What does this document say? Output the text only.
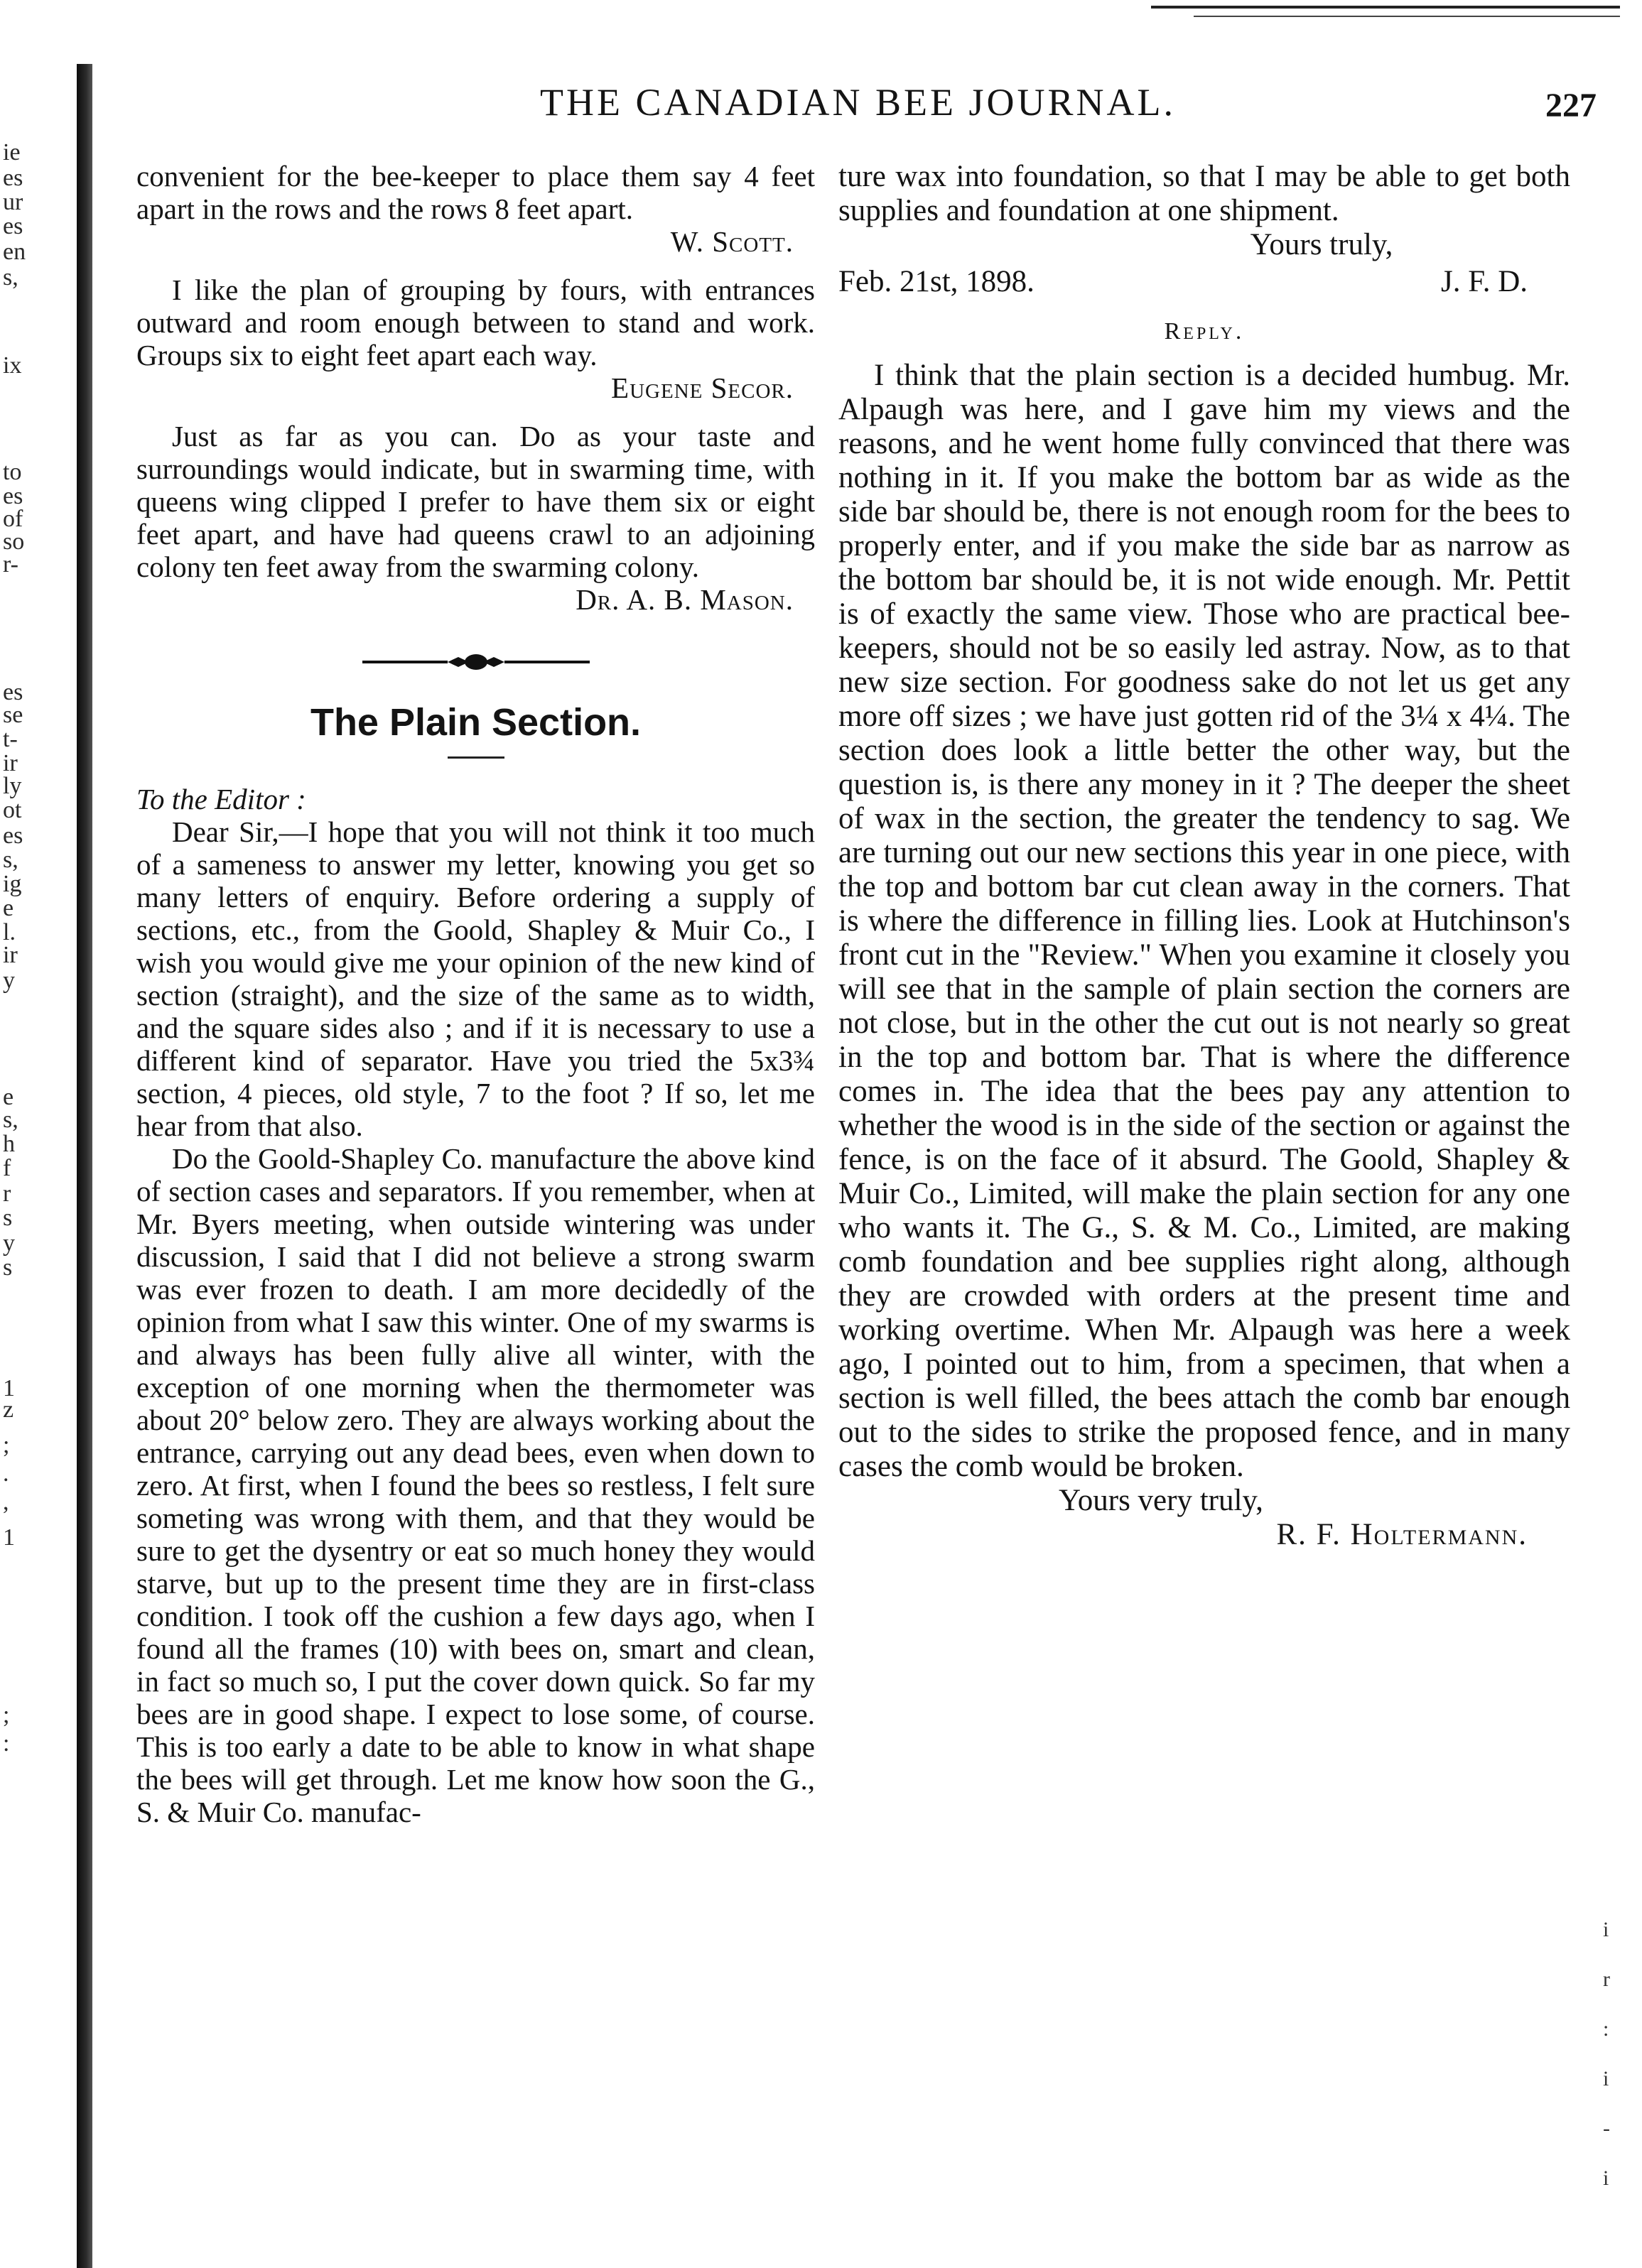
ie
es
ur
es
en
s,
ix
to
es
of
so
r-
es
se
t-
ir
ly
ot
es
s,
ig
e
l.
ir
y
e
s,
h
f
r
s
y
s
1
z
;
.
,
1
;
:
i
r
:
i
-
i
THE CANADIAN BEE JOURNAL.	227

convenient for the bee-keeper to place them say 4 feet apart in the rows and the rows 8 feet apart.

W. Scott.

I like the plan of grouping by fours, with entrances outward and room enough between to stand and work. Groups six to eight feet apart each way.

Eugene Secor.

Just as far as you can. Do as your taste and surroundings would indicate, but in swarming time, with queens wing clipped I prefer to have them six or eight feet apart, and have had queens crawl to an adjoining colony ten feet away from the swarming colony.

Dr. A. B. Mason.

The Plain Section.

To the Editor :

Dear Sir,—I hope that you will not think it too much of a sameness to answer my letter, knowing you get so many letters of enquiry. Before ordering a supply of sections, etc., from the Goold, Shapley & Muir Co., I wish you would give me your opinion of the new kind of section (straight), and the size of the same as to width, and the square sides also ; and if it is necessary to use a different kind of separator. Have you tried the 5x3¾ section, 4 pieces, old style, 7 to the foot ? If so, let me hear from that also.

Do the Goold-Shapley Co. manufacture the above kind of section cases and separators. If you remember, when at Mr. Byers meeting, when outside wintering was under discussion, I said that I did not believe a strong swarm was ever frozen to death. I am more decidedly of the opinion from what I saw this winter. One of my swarms is and always has been fully alive all winter, with the exception of one morning when the thermometer was about 20° below zero. They are always working about the entrance, carrying out any dead bees, even when down to zero. At first, when I found the bees so restless, I felt sure someting was wrong with them, and that they would be sure to get the dysentry or eat so much honey they would starve, but up to the present time they are in first-class condition. I took off the cushion a few days ago, when I found all the frames (10) with bees on, smart and clean, in fact so much so, I put the cover down quick. So far my bees are in good shape. I expect to lose some, of course. This is too early a date to be able to know in what shape the bees will get through. Let me know how soon the G., S. & Muir Co. manufac-

ture wax into foundation, so that I may be able to get both supplies and foundation at one shipment.

Yours truly,

Feb. 21st, 1898.	J. F. D.
Reply.

I think that the plain section is a decided humbug. Mr. Alpaugh was here, and I gave him my views and the reasons, and he went home fully convinced that there was nothing in it. If you make the bottom bar as wide as the side bar should be, there is not enough room for the bees to properly enter, and if you make the side bar as narrow as the bottom bar should be, it is not wide enough. Mr. Pettit is of exactly the same view. Those who are practical bee-keepers, should not be so easily led astray. Now, as to that new size section. For goodness sake do not let us get any more off sizes ; we have just gotten rid of the 3¼ x 4¼. The section does look a little better the other way, but the question is, is there any money in it ? The deeper the sheet of wax in the section, the greater the tendency to sag. We are turning out our new sections this year in one piece, with the top and bottom bar cut clean away in the corners. That is where the difference in filling lies. Look at Hutchinson's front cut in the "Review." When you examine it closely you will see that in the sample of plain section the corners are not close, but in the other the cut out is not nearly so great in the top and bottom bar. That is where the difference comes in. The idea that the bees pay any attention to whether the wood is in the side of the section or against the fence, is on the face of it absurd. The Goold, Shapley & Muir Co., Limited, will make the plain section for any one who wants it. The G., S. & M. Co., Limited, are making comb foundation and bee supplies right along, although they are crowded with orders at the present time and working overtime. When Mr. Alpaugh was here a week ago, I pointed out to him, from a specimen, that when a section is well filled, the bees attach the comb bar enough out to the sides to strike the proposed fence, and in many cases the comb would be broken.

Yours very truly,

R. F. Holtermann.
